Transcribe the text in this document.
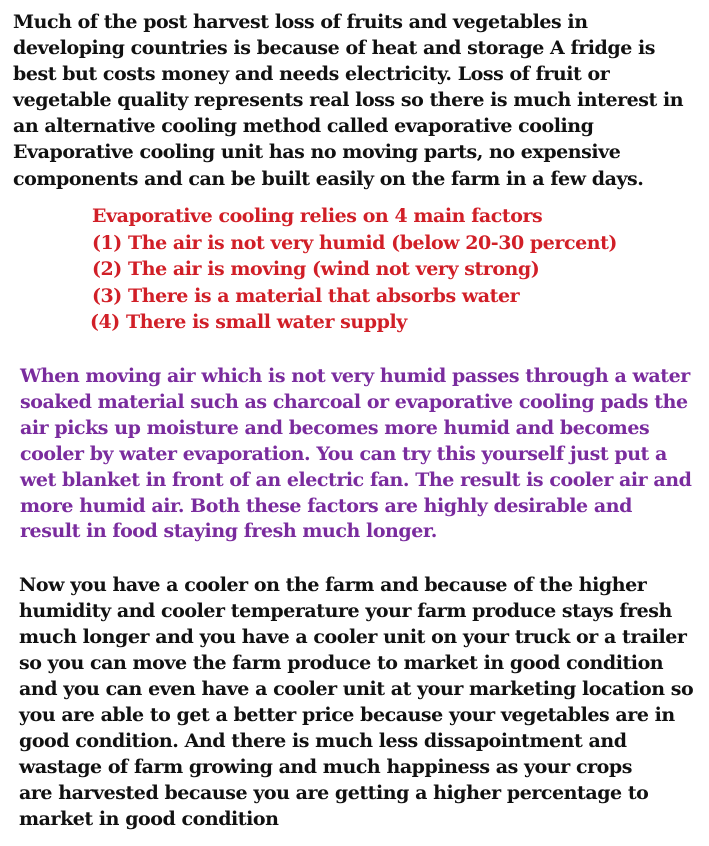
Much of the post harvest loss of fruits and vegetables in
developing countries is because of heat and storage A fridge is
best but costs money and needs electricity. Loss of fruit or
vegetable quality represents real loss so there is much interest in
an alternative cooling method called evaporative cooling
Evaporative cooling unit has no moving parts, no expensive
components and can be built easily on the farm in a few days.
Evaporative cooling relies on 4 main factors
(1) The air is not very humid (below 20-30 percent)
(2) The air is moving (wind not very strong)
(3) There is a material that absorbs water
(4) There is small water supply
When moving air which is not very humid passes through a water
soaked material such as charcoal or evaporative cooling pads the
air picks up moisture and becomes more humid and becomes
cooler by water evaporation. You can try this yourself just put a
wet blanket in front of an electric fan. The result is cooler air and
more humid air. Both these factors are highly desirable and
result in food staying fresh much longer.
Now you have a cooler on the farm and because of the higher
humidity and cooler temperature your farm produce stays fresh
much longer and you have a cooler unit on your truck or a trailer
so you can move the farm produce to market in good condition
and you can even have a cooler unit at your marketing location so
you are able to get a better price because your vegetables are in
good condition. And there is much less dissapointment and
wastage of farm growing and much happiness as your crops
are harvested because you are getting a higher percentage to
market in good condition
